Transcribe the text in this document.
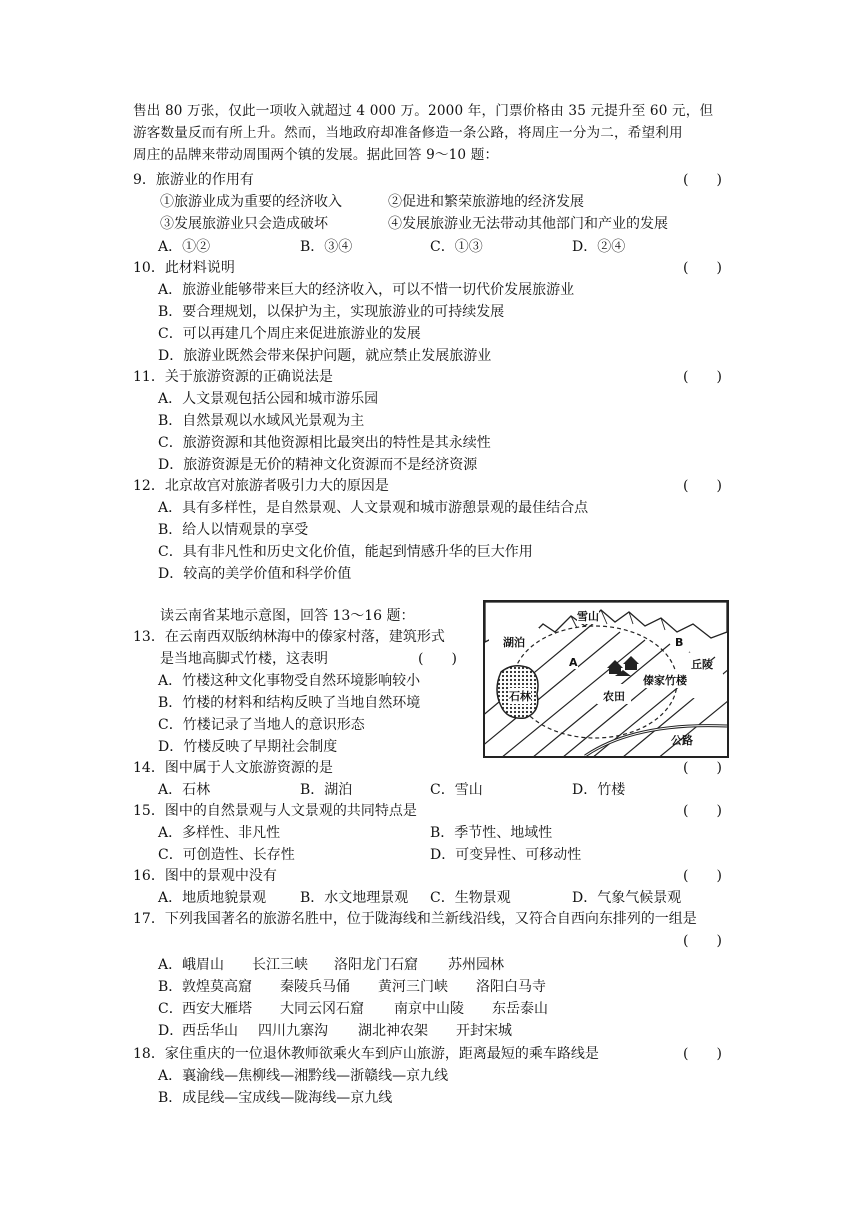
售出 80 万张，仅此一项收入就超过 4 000 万。2000 年，门票价格由 35 元提升至 60 元，但
游客数量反而有所上升。然而，当地政府却准备修造一条公路，将周庄一分为二，希望利用
周庄的品牌来带动周围两个镇的发展。据此回答 9～10 题：
9．旅游业的作用有	(　　)
①旅游业成为重要的经济收入	②促进和繁荣旅游地的经济发展
③发展旅游业只会造成破坏	④发展旅游业无法带动其他部门和产业的发展
A．①②	B．③④	C．①③	D．②④
10．此材料说明	(　　)
A．旅游业能够带来巨大的经济收入，可以不惜一切代价发展旅游业
B．要合理规划，以保护为主，实现旅游业的可持续发展
C．可以再建几个周庄来促进旅游业的发展
D．旅游业既然会带来保护问题，就应禁止发展旅游业
11．关于旅游资源的正确说法是	(　　)
A．人文景观包括公园和城市游乐园
B．自然景观以水域风光景观为主
C．旅游资源和其他资源相比最突出的特性是其永续性
D．旅游资源是无价的精神文化资源而不是经济资源
12．北京故宫对旅游者吸引力大的原因是	(　　)
A．具有多样性，是自然景观、人文景观和城市游憩景观的最佳结合点
B．给人以情观景的享受
C．具有非凡性和历史文化价值，能起到情感升华的巨大作用
D．较高的美学价值和科学价值
读云南省某地示意图，回答 13～16 题：	雪山
湖泊	B
丘陵
A
傣家竹楼
石林	农田
公路
13．在云南西双版纳林海中的傣家村落，建筑形式
是当地高脚式竹楼，这表明	(　　)
A．竹楼这种文化事物受自然环境影响较小
B．竹楼的材料和结构反映了当地自然环境
C．竹楼记录了当地人的意识形态
D．竹楼反映了早期社会制度
14．图中属于人文旅游资源的是	(　　)
A．石林	B．湖泊	C．雪山	D．竹楼
15．图中的自然景观与人文景观的共同特点是	(　　)
A．多样性、非凡性	B．季节性、地域性
C．可创造性、长存性	D．可变异性、可移动性
16．图中的景观中没有	(　　)
A．地质地貌景观 B．水文地理景观 C．生物景观	D．气象气候景观
17．下列我国著名的旅游名胜中，位于陇海线和兰新线沿线，又符合自西向东排列的一组是
(　　)
A． 峨眉山 长江三峡 洛阳龙门石窟 苏州园林
B． 敦煌莫高窟 秦陵兵马俑 黄河三门峡 洛阳白马寺
C． 西安大雁塔 大同云冈石窟 南京中山陵 东岳泰山
D．
西岳华山 四川九寨沟 湖北神农架 开封宋城
18．家住重庆的一位退休教师欲乘火车到庐山旅游，距离最短的乘车路线是	(　　)
A．襄渝线—焦柳线—湘黔线—浙赣线—京九线
B．成昆线—宝成线—陇海线—京九线
